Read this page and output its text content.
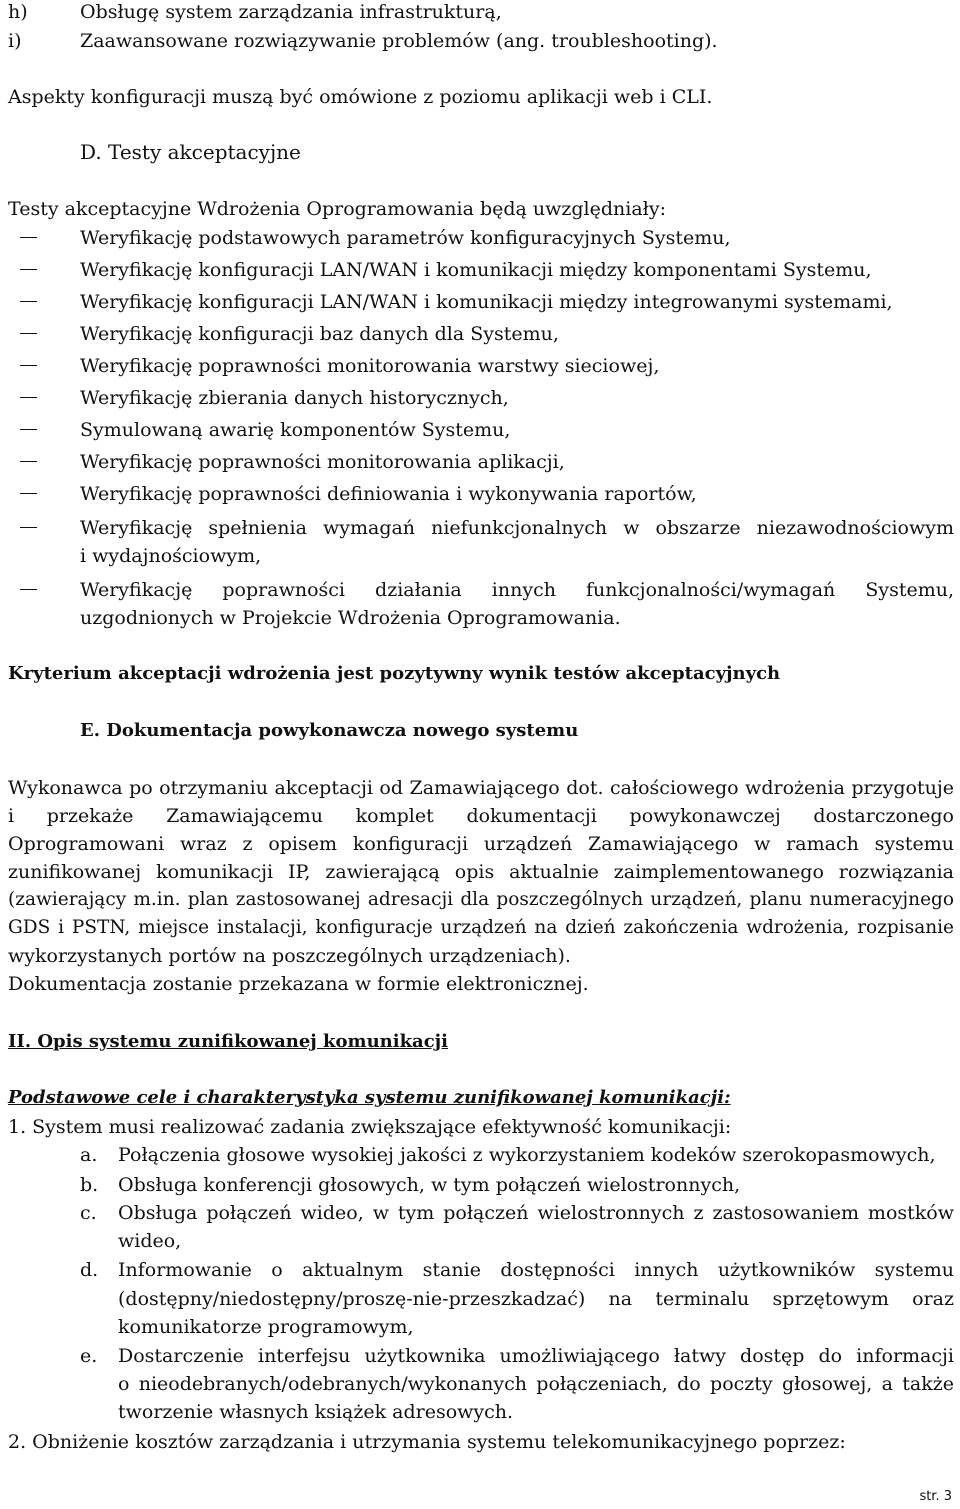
h)	Obsługę system zarządzania infrastrukturą,
i)	Zaawansowane rozwiązywanie problemów (ang. troubleshooting).
Aspekty konfiguracji muszą być omówione z poziomu aplikacji web i CLI.
D. Testy akceptacyjne
Testy akceptacyjne Wdrożenia Oprogramowania będą uwzględniały:
Weryfikację podstawowych parametrów konfiguracyjnych Systemu,
Weryfikację konfiguracji LAN/WAN i komunikacji między komponentami Systemu,
Weryfikację konfiguracji LAN/WAN i komunikacji między integrowanymi systemami,
Weryfikację konfiguracji baz danych dla Systemu,
Weryfikację poprawności monitorowania warstwy sieciowej,
Weryfikację zbierania danych historycznych,
Symulowaną awarię komponentów Systemu,
Weryfikację poprawności monitorowania aplikacji,
Weryfikację poprawności definiowania i wykonywania raportów,
Weryfikację spełnienia wymagań niefunkcjonalnych w obszarze niezawodnościowym
i wydajnościowym,
Weryfikację poprawności działania innych funkcjonalności/wymagań Systemu,
uzgodnionych w Projekcie Wdrożenia Oprogramowania.
Kryterium akceptacji wdrożenia jest pozytywny wynik testów akceptacyjnych
E. Dokumentacja powykonawcza nowego systemu
Wykonawca po otrzymaniu akceptacji od Zamawiającego dot. całościowego wdrożenia przygotuje
i przekaże Zamawiającemu komplet dokumentacji powykonawczej dostarczonego
Oprogramowani wraz z opisem konfiguracji urządzeń Zamawiającego w ramach systemu
zunifikowanej komunikacji IP, zawierającą opis aktualnie zaimplementowanego rozwiązania
(zawierający m.in. plan zastosowanej adresacji dla poszczególnych urządzeń, planu numeracyjnego
GDS i PSTN, miejsce instalacji, konfiguracje urządzeń na dzień zakończenia wdrożenia, rozpisanie
wykorzystanych portów na poszczególnych urządzeniach).
Dokumentacja zostanie przekazana w formie elektronicznej.
II. Opis systemu zunifikowanej komunikacji
Podstawowe cele i charakterystyka systemu zunifikowanej komunikacji:
1. System musi realizować zadania zwiększające efektywność komunikacji:
a. Połączenia głosowe wysokiej jakości z wykorzystaniem kodeków szerokopasmowych,
b. Obsługa konferencji głosowych, w tym połączeń wielostronnych,
c. Obsługa połączeń wideo, w tym połączeń wielostronnych z zastosowaniem mostków
wideo,
d. Informowanie o aktualnym stanie dostępności innych użytkowników systemu
(dostępny/niedostępny/proszę-nie-przeszkadzać) na terminalu sprzętowym oraz
komunikatorze programowym,
e. Dostarczenie interfejsu użytkownika umożliwiającego łatwy dostęp do informacji
o nieodebranych/odebranych/wykonanych połączeniach, do poczty głosowej, a także
tworzenie własnych książek adresowych.
2. Obniżenie kosztów zarządzania i utrzymania systemu telekomunikacyjnego poprzez:
str. 3
